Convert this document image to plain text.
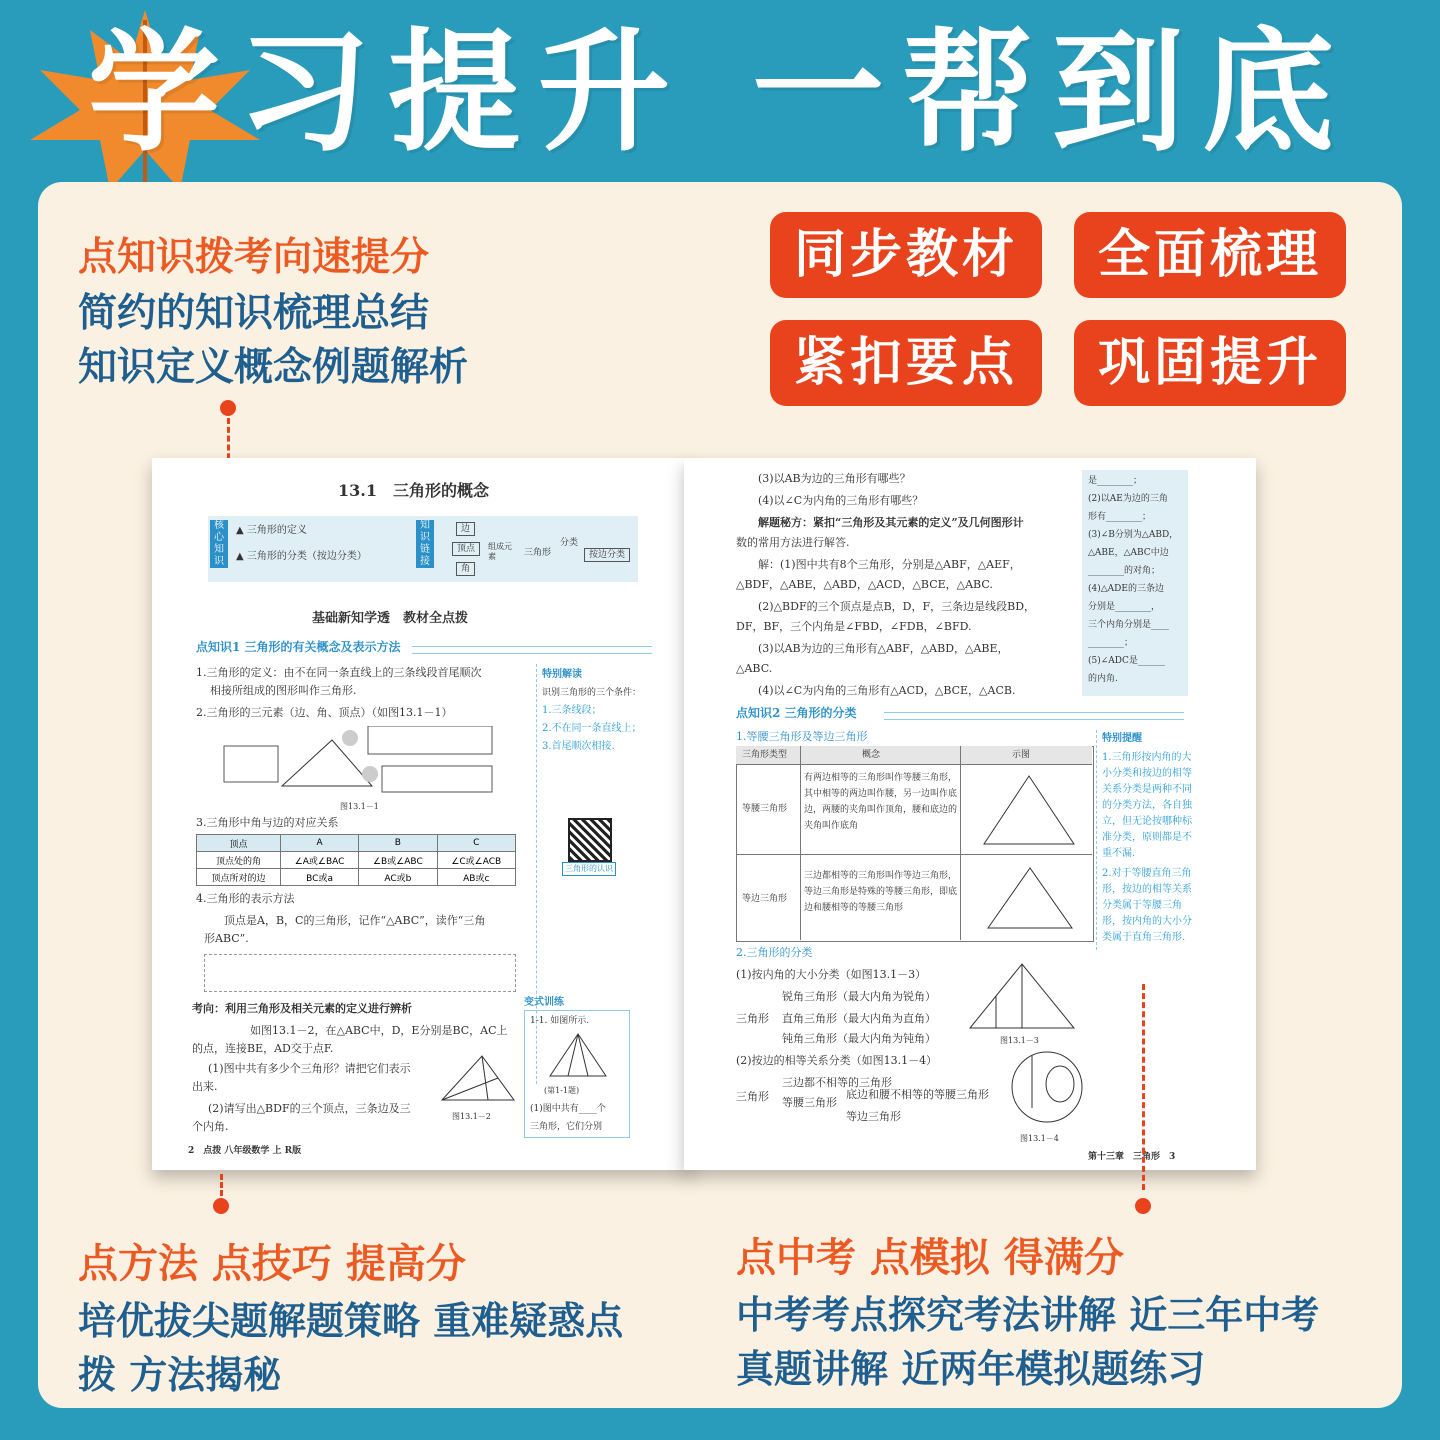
学习提升 一帮到底
点知识拨考向速提分
简约的知识梳理总结
知识定义概念例题解析
同步教材	全面梳理
紧扣要点	巩固提升
13.1　三角形的概念
核心知识
▲ 三角形的定义
▲ 三角形的分类（按边分类）
知识链接
边
顶点
角
组成元素	三角形
分类
按边分类
基础新知学透　教材全点拨
点知识1 三角形的有关概念及表示方法
1.三角形的定义：由不在同一条直线上的三条线段首尾顺次
相接所组成的图形叫作三角形.
2.三角形的三元素（边、角、顶点）（如图13.1－1）
图13.1－1
3.三角形中角与边的对应关系
顶点	A	B	C
顶点处的角	∠A或∠BAC	∠B或∠ABC	∠C或∠ACB
顶点所对的边	BC或a	AC或b	AB或c
4.三角形的表示方法
顶点是A，B，C的三角形，记作“△ABC”，读作“三角
形ABC”.
考向：利用三角形及相关元素的定义进行辨析
如图13.1－2，在△ABC中，D，E分别是BC，AC上
的点，连接BE，AD交于点F.
(1)图中共有多少个三角形？请把它们表示
出来.
(2)请写出△BDF的三个顶点，三条边及三
个内角.
图13.1－2
特别解读
识别三角形的三个条件：
1.三条线段；
2.不在同一条直线上；
3.首尾顺次相接.
三角形的认识
变式训练
1-1. 如图所示.
(第1-1题)
(1)图中共有____个
三角形，它们分别
2　点拨 八年级数学 上 R版
(3)以AB为边的三角形有哪些？
(4)以∠C为内角的三角形有哪些？
解题秘方：紧扣“三角形及其元素的定义”及几何图形计
数的常用方法进行解答.
解：(1)图中共有8个三角形，分别是△ABF，△AEF，
△BDF，△ABE，△ABD，△ACD，△BCE，△ABC.
(2)△BDF的三个顶点是点B，D，F，三条边是线段BD，
DF，BF，三个内角是∠FBD，∠FDB，∠BFD.
(3)以AB为边的三角形有△ABF，△ABD，△ABE，
△ABC.
(4)以∠C为内角的三角形有△ACD，△BCE，△ACB.
是________；
(2)以AE为边的三角
形有________；
(3)∠B分别为△ABD，
△ABE，△ABC中边
________的对角；
(4)△ADE的三条边
分别是________，
三个内角分别是____
________；
(5)∠ADC是______
的内角.
点知识2 三角形的分类
1.等腰三角形及等边三角形
三角形类型	概念	示图
等腰三角形
有两边相等的三角形叫作等腰三角形，其中相等的两边叫作腰，另一边叫作底边，两腰的夹角叫作顶角，腰和底边的夹角叫作底角
等边三角形
三边都相等的三角形叫作等边三角形，等边三角形是特殊的等腰三角形，即底边和腰相等的等腰三角形
特别提醒
1.三角形按内角的大小分类和按边的相等关系分类是两种不同的分类方法，各自独立，但无论按哪种标准分类，原则都是不重不漏.
2.对于等腰直角三角形，按边的相等关系分类属于等腰三角形，按内角的大小分类属于直角三角形.
2.三角形的分类
(1)按内角的大小分类（如图13.1－3）
三角形
锐角三角形（最大内角为锐角）
直角三角形（最大内角为直角）
钝角三角形（最大内角为钝角）
(2)按边的相等关系分类（如图13.1－4）
三角形
三边都不相等的三角形
等腰三角形
底边和腰不相等的等腰三角形
等边三角形
图13.1－3
图13.1－4
第十三章　三角形　3
点方法 点技巧 提高分
培优拔尖题解题策略 重难疑惑点
拨 方法揭秘
点中考 点模拟 得满分
中考考点探究考法讲解 近三年中考
真题讲解 近两年模拟题练习
